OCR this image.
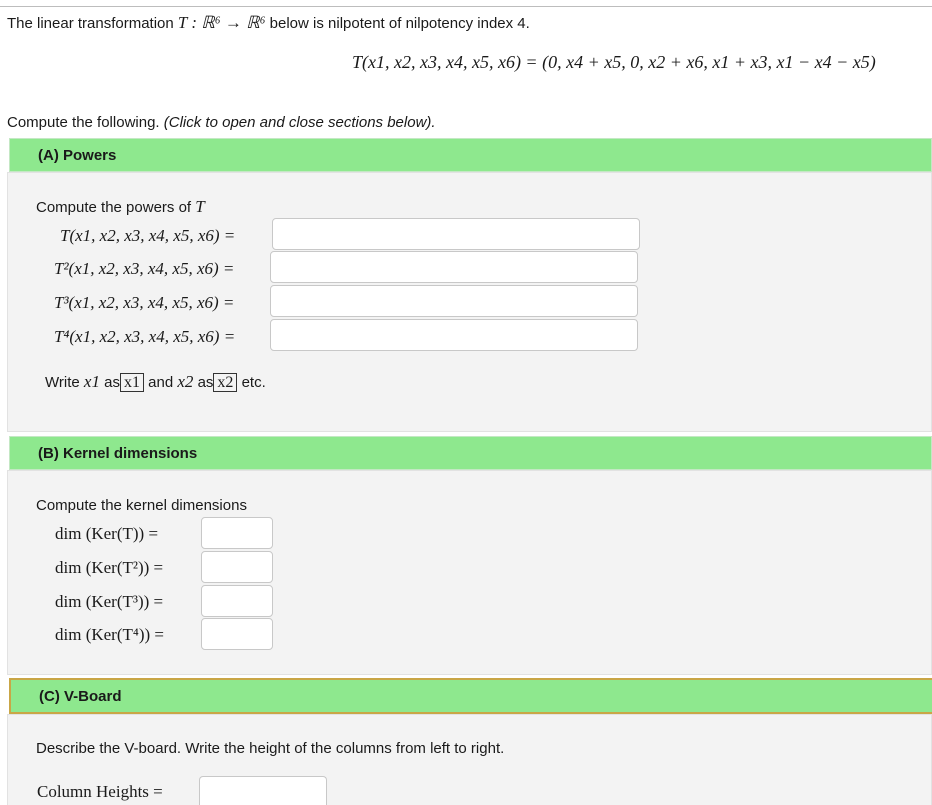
The linear transformation T : ℝ⁶ → ℝ⁶ below is nilpotent of nilpotency index 4.
T(x1, x2, x3, x4, x5, x6) = (0, x4 + x5, 0, x2 + x6, x1 + x3, x1 − x4 − x5)
Compute the following. (Click to open and close sections below).
(A) Powers
Compute the powers of T
T(x1, x2, x3, x4, x5, x6) =
T²(x1, x2, x3, x4, x5, x6) =
T³(x1, x2, x3, x4, x5, x6) =
T⁴(x1, x2, x3, x4, x5, x6) =
Write x1 as x1 and x2 as x2 etc.
(B) Kernel dimensions
Compute the kernel dimensions
dim (Ker(T)) =
dim (Ker(T²)) =
dim (Ker(T³)) =
dim (Ker(T⁴)) =
(C) V-Board
Describe the V-board. Write the height of the columns from left to right.
Column Heights =
